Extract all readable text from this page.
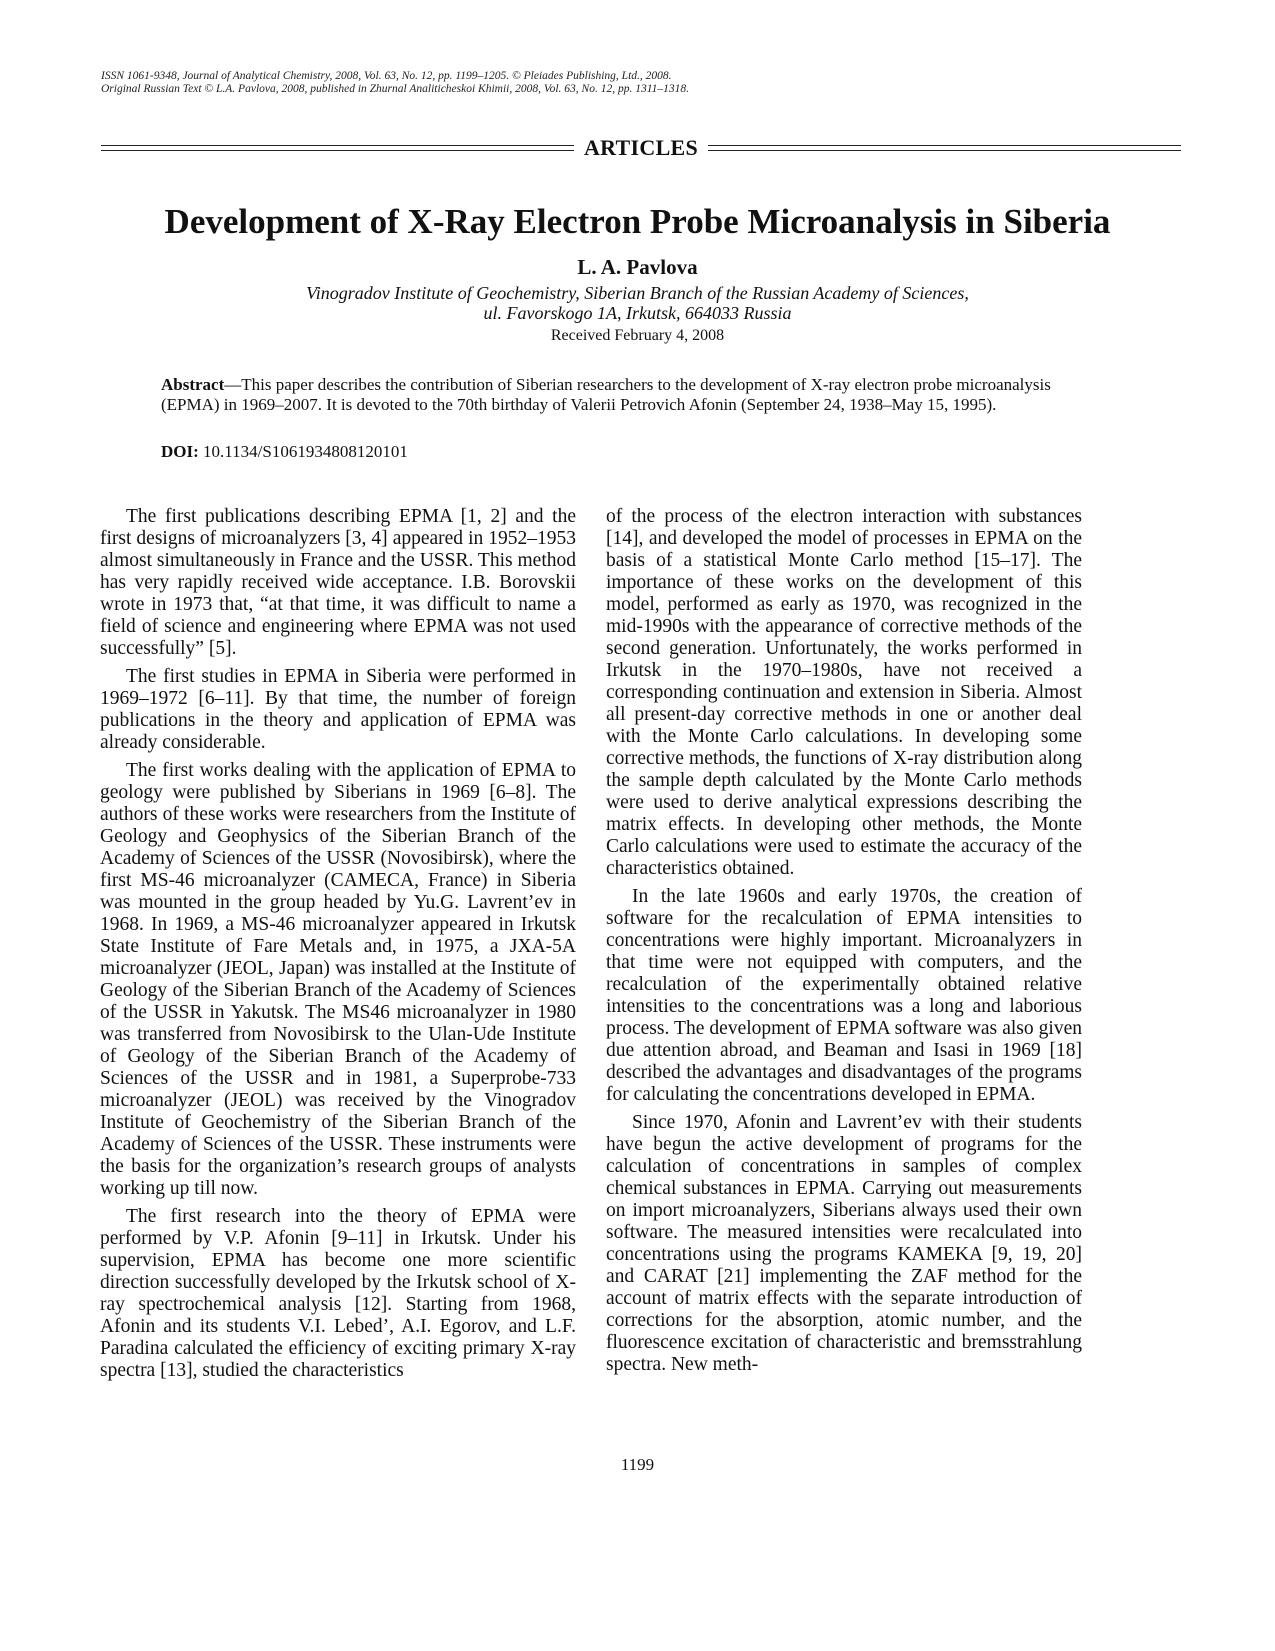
ISSN 1061-9348, Journal of Analytical Chemistry, 2008, Vol. 63, No. 12, pp. 1199–1205. © Pleiades Publishing, Ltd., 2008.
Original Russian Text © L.A. Pavlova, 2008, published in Zhurnal Analiticheskoi Khimii, 2008, Vol. 63, No. 12, pp. 1311–1318.
ARTICLES
Development of X-Ray Electron Probe Microanalysis in Siberia
L. A. Pavlova
Vinogradov Institute of Geochemistry, Siberian Branch of the Russian Academy of Sciences,
ul. Favorskogo 1A, Irkutsk, 664033 Russia
Received February 4, 2008
Abstract—This paper describes the contribution of Siberian researchers to the development of X-ray electron probe microanalysis (EPMA) in 1969–2007. It is devoted to the 70th birthday of Valerii Petrovich Afonin (September 24, 1938–May 15, 1995).
DOI: 10.1134/S1061934808120101

The first publications describing EPMA [1, 2] and the first designs of microanalyzers [3, 4] appeared in 1952–1953 almost simultaneously in France and the USSR. This method has very rapidly received wide acceptance. I.B. Borovskii wrote in 1973 that, “at that time, it was difficult to name a field of science and engineering where EPMA was not used successfully” [5].

The first studies in EPMA in Siberia were performed in 1969–1972 [6–11]. By that time, the number of foreign publications in the theory and application of EPMA was already considerable.

The first works dealing with the application of EPMA to geology were published by Siberians in 1969 [6–8]. The authors of these works were researchers from the Institute of Geology and Geophysics of the Siberian Branch of the Academy of Sciences of the USSR (Novosibirsk), where the first MS-46 microanalyzer (CAMECA, France) in Siberia was mounted in the group headed by Yu.G. Lavrent’ev in 1968. In 1969, a MS-46 microanalyzer appeared in Irkutsk State Institute of Fare Metals and, in 1975, a JXA-5A microanalyzer (JEOL, Japan) was installed at the Institute of Geology of the Siberian Branch of the Academy of Sciences of the USSR in Yakutsk. The MS46 microanalyzer in 1980 was transferred from Novosibirsk to the Ulan-Ude Institute of Geology of the Siberian Branch of the Academy of Sciences of the USSR and in 1981, a Superprobe-733 microanalyzer (JEOL) was received by the Vinogradov Institute of Geochemistry of the Siberian Branch of the Academy of Sciences of the USSR. These instruments were the basis for the organization’s research groups of analysts working up till now.

The first research into the theory of EPMA were performed by V.P. Afonin [9–11] in Irkutsk. Under his supervision, EPMA has become one more scientific direction successfully developed by the Irkutsk school of X-ray spectrochemical analysis [12]. Starting from 1968, Afonin and its students V.I. Lebed’, A.I. Egorov, and L.F. Paradina calculated the efficiency of exciting primary X-ray spectra [13], studied the characteristics

of the process of the electron interaction with substances [14], and developed the model of processes in EPMA on the basis of a statistical Monte Carlo method [15–17]. The importance of these works on the development of this model, performed as early as 1970, was recognized in the mid-1990s with the appearance of corrective methods of the second generation. Unfortunately, the works performed in Irkutsk in the 1970–1980s, have not received a corresponding continuation and extension in Siberia. Almost all present-day corrective methods in one or another deal with the Monte Carlo calculations. In developing some corrective methods, the functions of X-ray distribution along the sample depth calculated by the Monte Carlo methods were used to derive analytical expressions describing the matrix effects. In developing other methods, the Monte Carlo calculations were used to estimate the accuracy of the characteristics obtained.

In the late 1960s and early 1970s, the creation of software for the recalculation of EPMA intensities to concentrations were highly important. Microanalyzers in that time were not equipped with computers, and the recalculation of the experimentally obtained relative intensities to the concentrations was a long and laborious process. The development of EPMA software was also given due attention abroad, and Beaman and Isasi in 1969 [18] described the advantages and disadvantages of the programs for calculating the concentrations developed in EPMA.

Since 1970, Afonin and Lavrent’ev with their students have begun the active development of programs for the calculation of concentrations in samples of complex chemical substances in EPMA. Carrying out measurements on import microanalyzers, Siberians always used their own software. The measured intensities were recalculated into concentrations using the programs KAMEKA [9, 19, 20] and CARAT [21] implementing the ZAF method for the account of matrix effects with the separate introduction of corrections for the absorption, atomic number, and the fluorescence excitation of characteristic and bremsstrahlung spectra. New meth-

1199
